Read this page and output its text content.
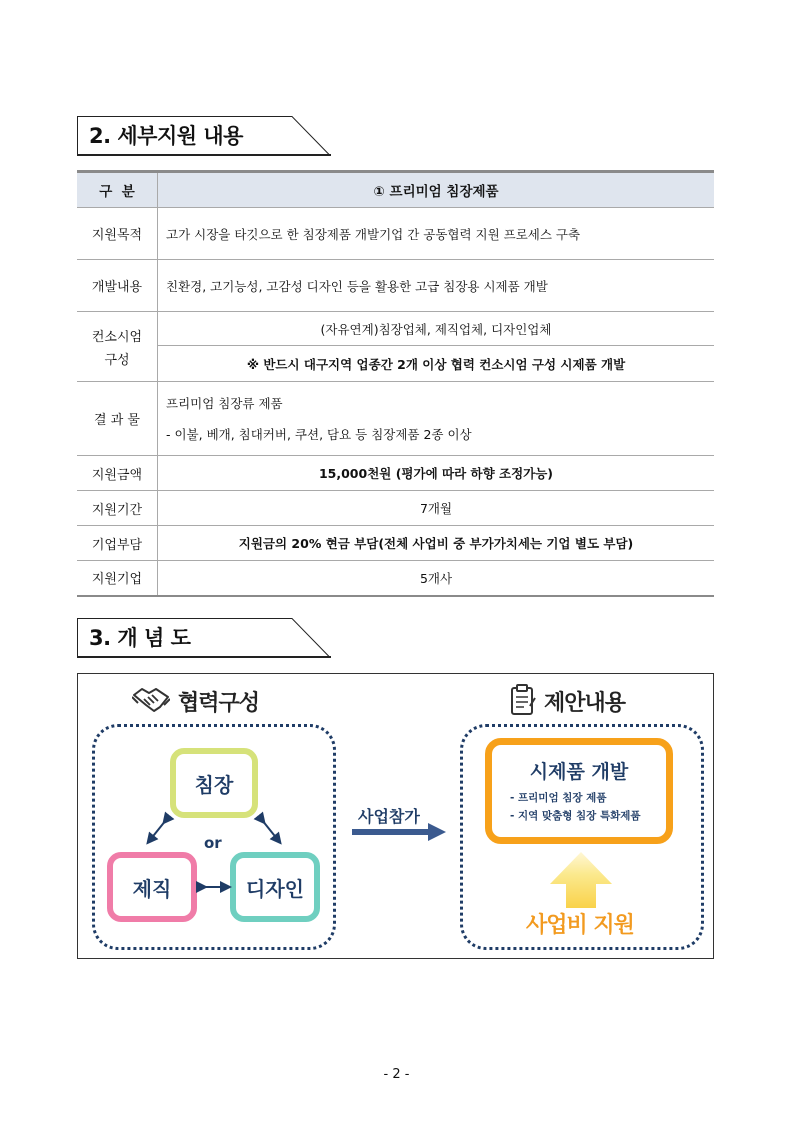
2. 세부지원 내용
구  분	① 프리미엄 침장제품
지원목적	고가 시장을 타깃으로 한 침장제품 개발기업 간 공동협력 지원 프로세스 구축
개발내용	친환경, 고기능성, 고감성 디자인 등을 활용한 고급 침장용 시제품 개발

컨소시엄
구성	(자유연계)침장업체, 제직업체, 디자인업체
	※ 반드시 대구지역 업종간 2개 이상 협력 컨소시엄 구성 시제품 개발
결 과 물	프리미엄 침장류 제품
- 이불, 베개, 침대커버, 쿠션, 담요 등 침장제품 2종 이상

지원금액	15,000천원 (평가에 따라 하향 조정가능)
지원기간	7개월
기업부담	지원금의 20% 현금 부담(전체 사업비 중 부가가치세는 기업 별도 부담)
지원기업	5개사
3. 개 념 도
협력구성	제안내용
침장
제직	디자인
or
사업참가
시제품 개발
- 프리미엄 침장 제품
- 지역 맞춤형 침장 특화제품
사업비 지원
- 2 -
